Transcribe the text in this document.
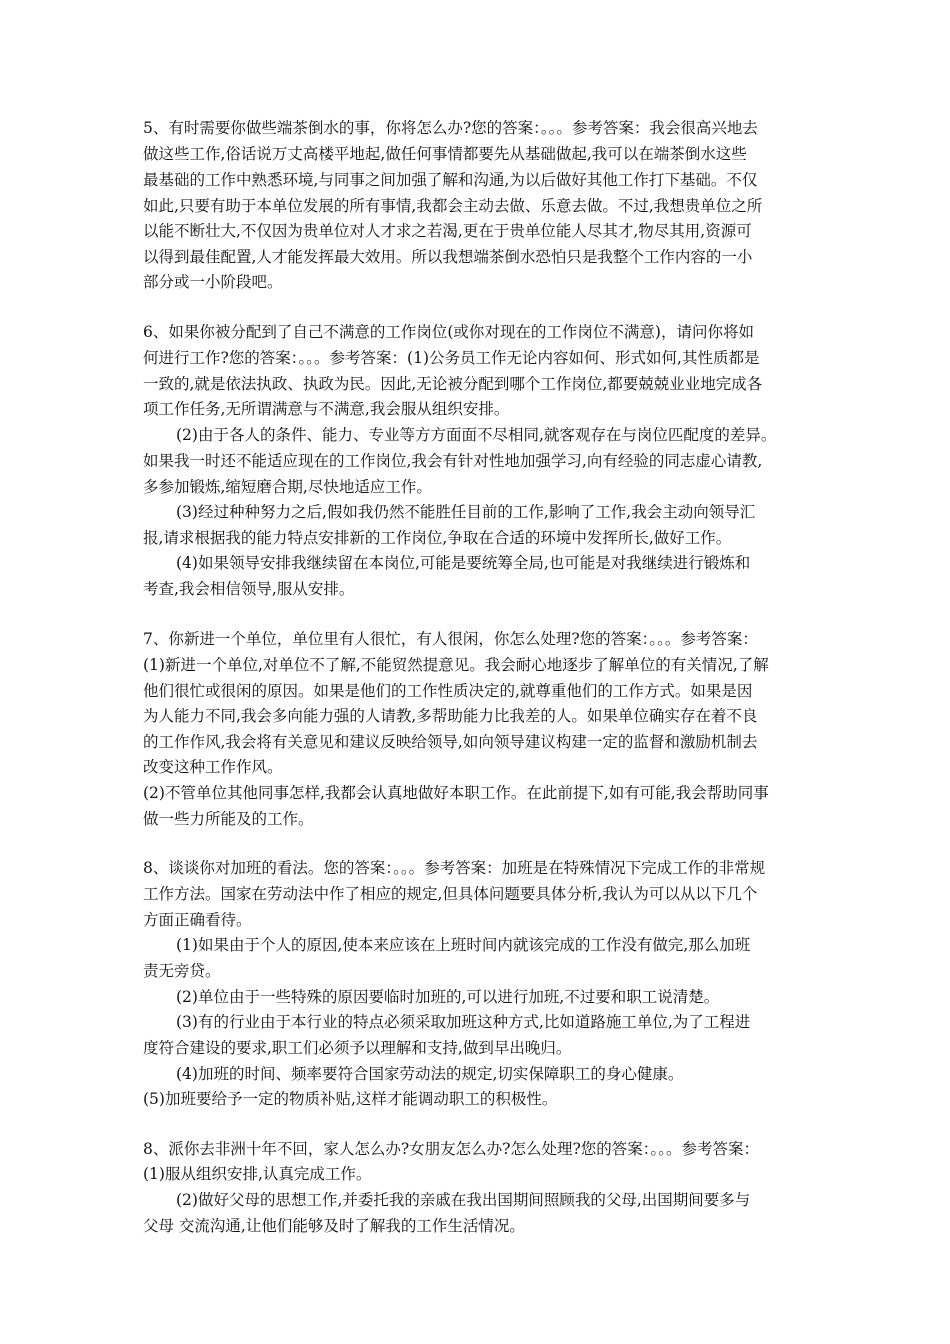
5、有时需要你做些端茶倒水的事，你将怎么办?您的答案：。。。参考答案：我会很高兴地去
做这些工作,俗话说万丈高楼平地起,做任何事情都要先从基础做起,我可以在端茶倒水这些
最基础的工作中熟悉环境,与同事之间加强了解和沟通,为以后做好其他工作打下基础。不仅
如此,只要有助于本单位发展的所有事情,我都会主动去做、乐意去做。不过,我想贵单位之所
以能不断壮大,不仅因为贵单位对人才求之若渴,更在于贵单位能人尽其才,物尽其用,资源可
以得到最佳配置,人才能发挥最大效用。所以我想端茶倒水恐怕只是我整个工作内容的一小
部分或一小阶段吧。
6、如果你被分配到了自己不满意的工作岗位(或你对现在的工作岗位不满意)，请问你将如
何进行工作?您的答案：。。。参考答案：(1)公务员工作无论内容如何、形式如何,其性质都是
一致的,就是依法执政、执政为民。因此,无论被分配到哪个工作岗位,都要兢兢业业地完成各
项工作任务,无所谓满意与不满意,我会服从组织安排。
(2)由于各人的条件、能力、专业等方方面面不尽相同,就客观存在与岗位匹配度的差异。
如果我一时还不能适应现在的工作岗位,我会有针对性地加强学习,向有经验的同志虚心请教,
多参加锻炼,缩短磨合期,尽快地适应工作。
(3)经过种种努力之后,假如我仍然不能胜任目前的工作,影响了工作,我会主动向领导汇
报,请求根据我的能力特点安排新的工作岗位,争取在合适的环境中发挥所长,做好工作。
(4)如果领导安排我继续留在本岗位,可能是要统筹全局,也可能是对我继续进行锻炼和
考查,我会相信领导,服从安排。
7、你新进一个单位，单位里有人很忙，有人很闲，你怎么处理?您的答案：。。。参考答案：
(1)新进一个单位,对单位不了解,不能贸然提意见。我会耐心地逐步了解单位的有关情况,了解
他们很忙或很闲的原因。如果是他们的工作性质决定的,就尊重他们的工作方式。如果是因
为人能力不同,我会多向能力强的人请教,多帮助能力比我差的人。如果单位确实存在着不良
的工作作风,我会将有关意见和建议反映给领导,如向领导建议构建一定的监督和激励机制去
改变这种工作作风。
(2)不管单位其他同事怎样,我都会认真地做好本职工作。在此前提下,如有可能,我会帮助同事
做一些力所能及的工作。
8、谈谈你对加班的看法。您的答案：。。。参考答案：加班是在特殊情况下完成工作的非常规
工作方法。国家在劳动法中作了相应的规定,但具体问题要具体分析,我认为可以从以下几个
方面正确看待。
(1)如果由于个人的原因,使本来应该在上班时间内就该完成的工作没有做完,那么加班
责无旁贷。
(2)单位由于一些特殊的原因要临时加班的,可以进行加班,不过要和职工说清楚。
(3)有的行业由于本行业的特点必须采取加班这种方式,比如道路施工单位,为了工程进
度符合建设的要求,职工们必须予以理解和支持,做到早出晚归。
(4)加班的时间、频率要符合国家劳动法的规定,切实保障职工的身心健康。
(5)加班要给予一定的物质补贴,这样才能调动职工的积极性。
8、派你去非洲十年不回，家人怎么办?女朋友怎么办?怎么处理?您的答案：。。。参考答案：
(1)服从组织安排,认真完成工作。
(2)做好父母的思想工作,并委托我的亲戚在我出国期间照顾我的父母,出国期间要多与
父母 交流沟通,让他们能够及时了解我的工作生活情况。
